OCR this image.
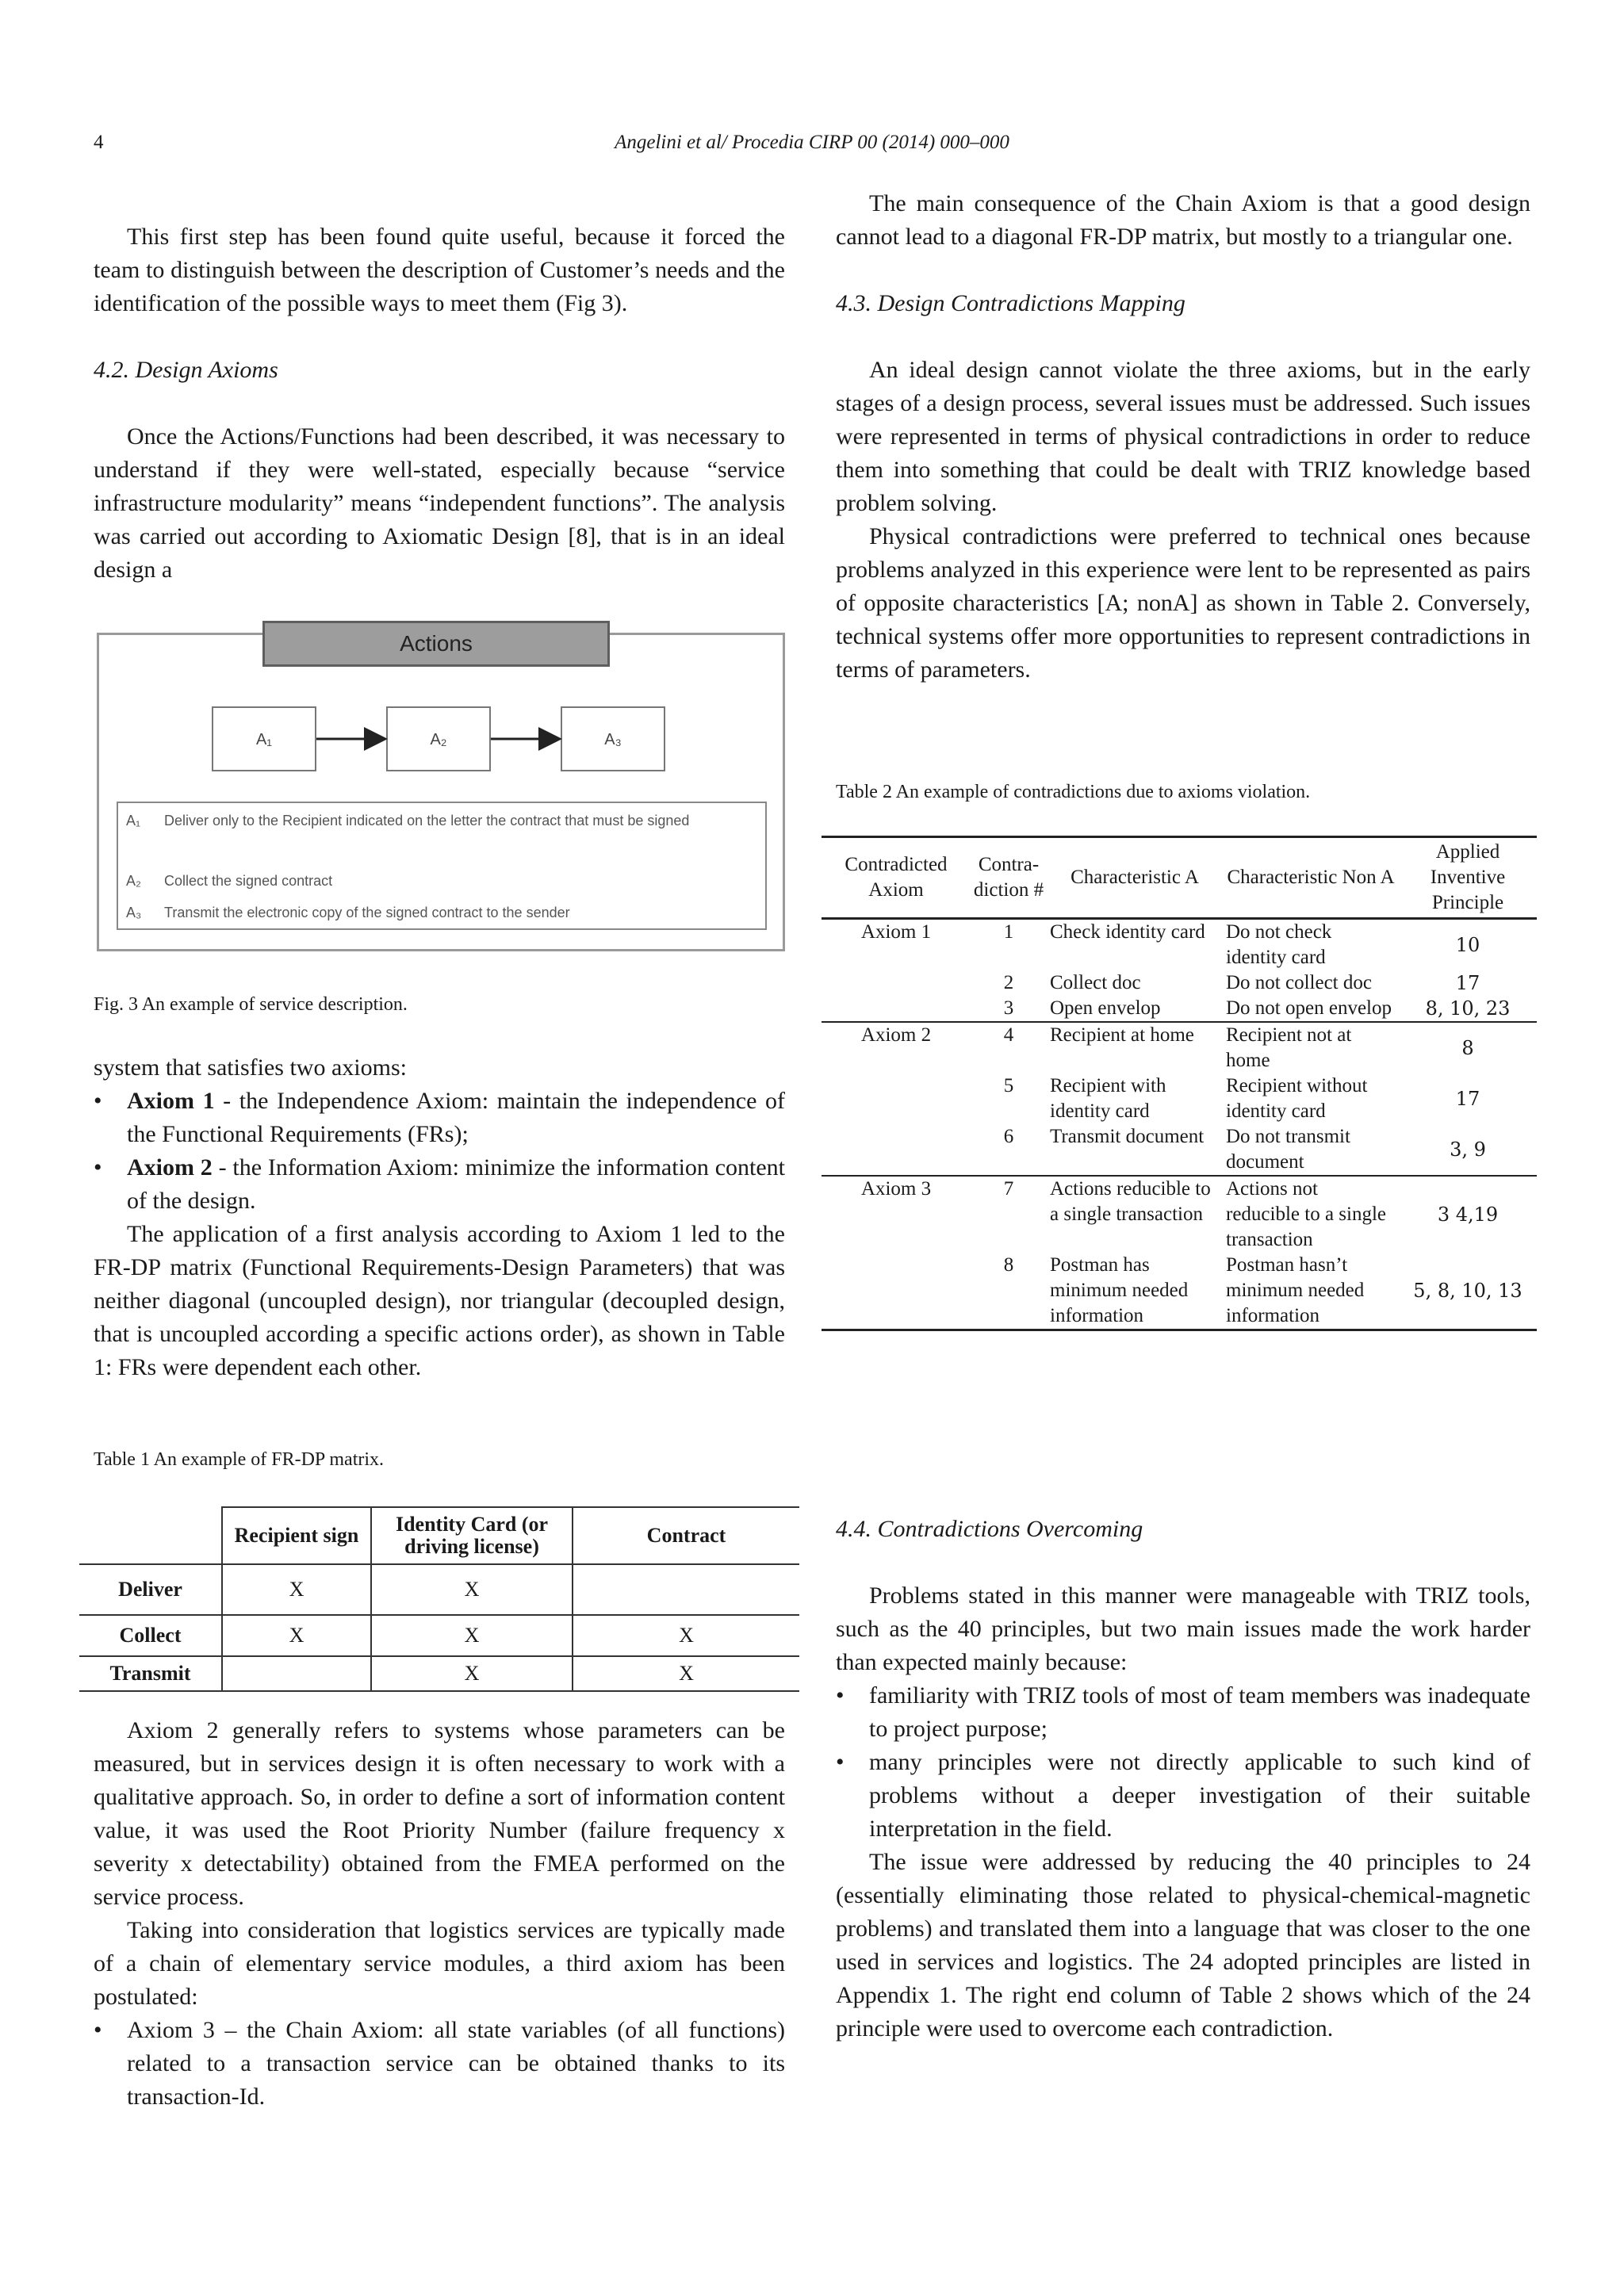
4	Angelini et al/ Procedia CIRP 00 (2014) 000–000

This first step has been found quite useful, because it forced the team to distinguish between the description of Customer’s needs and the identification of the possible ways to meet them (Fig 3).

4.2. Design Axioms

Once the Actions/Functions had been described, it was necessary to understand if they were well-stated, especially because “service infrastructure modularity” means “independent functions”. The analysis was carried out according to Axiomatic Design [8], that is in an ideal design a

Actions
A₁	A₂	A₃
A₁	Deliver only to the Recipient indicated on the letter the contract that must be signed
A₂	Collect the signed contract
A₃	Transmit the electronic copy of the signed contract to the sender
Fig. 3 An example of service description.

system that satisfies two axioms:

• Axiom 1 - the Independence Axiom: maintain the independence of the Functional Requirements (FRs);
• Axiom 2 - the Information Axiom: minimize the information content of the design.

The application of a first analysis according to Axiom 1 led to the FR-DP matrix (Functional Requirements-Design Parameters) that was neither diagonal (uncoupled design), nor triangular (decoupled design, that is uncoupled according a specific actions order), as shown in Table 1: FRs were dependent each other.

Table 1 An example of FR-DP matrix.
	Recipient sign	Identity Card (or driving license)	Contract
Deliver	X	X	
Collect	X	X	X
Transmit		X	X

Axiom 2 generally refers to systems whose parameters can be measured, but in services design it is often necessary to work with a qualitative approach. So, in order to define a sort of information content value, it was used the Root Priority Number (failure frequency x severity x detectability) obtained from the FMEA performed on the service process.

Taking into consideration that logistics services are typically made of a chain of elementary service modules, a third axiom has been postulated:

• Axiom 3 – the Chain Axiom: all state variables (of all functions) related to a transaction service can be obtained thanks to its transaction-Id.

The main consequence of the Chain Axiom is that a good design cannot lead to a diagonal FR-DP matrix, but mostly to a triangular one.

4.3. Design Contradictions Mapping

An ideal design cannot violate the three axioms, but in the early stages of a design process, several issues must be addressed. Such issues were represented in terms of physical contradictions in order to reduce them into something that could be dealt with TRIZ knowledge based problem solving.

Physical contradictions were preferred to technical ones because problems analyzed in this experience were lent to be represented as pairs of opposite characteristics [A; nonA] as shown in Table 2. Conversely, technical systems offer more opportunities to represent contradictions in terms of parameters.

Table 2 An example of contradictions due to axioms violation.
Contradicted Axiom	Contra-diction #	Characteristic A	Characteristic Non A	Applied Inventive Principle
Axiom 1	1	Check identity card	Do not check identity card	10
	2	Collect doc	Do not collect doc	17
	3	Open envelop	Do not open envelop	8, 10, 23
Axiom 2	4	Recipient at home	Recipient not at home	8
	5	Recipient with identity card	Recipient without identity card	17
	6	Transmit document	Do not transmit document	3, 9
Axiom 3	7	Actions reducible to a single transaction	Actions not reducible to a single transaction	3 4,19
	8	Postman has minimum needed information	Postman hasn’t minimum needed information	5, 8, 10, 13
4.4. Contradictions Overcoming

Problems stated in this manner were manageable with TRIZ tools, such as the 40 principles, but two main issues made the work harder than expected mainly because:

• familiarity with TRIZ tools of most of team members was inadequate to project purpose;
• many principles were not directly applicable to such kind of problems without a deeper investigation of their suitable interpretation in the field.

The issue were addressed by reducing the 40 principles to 24 (essentially eliminating those related to physical-chemical-magnetic problems) and translated them into a language that was closer to the one used in services and logistics. The 24 adopted principles are listed in Appendix 1. The right end column of Table 2 shows which of the 24 principle were used to overcome each contradiction.
